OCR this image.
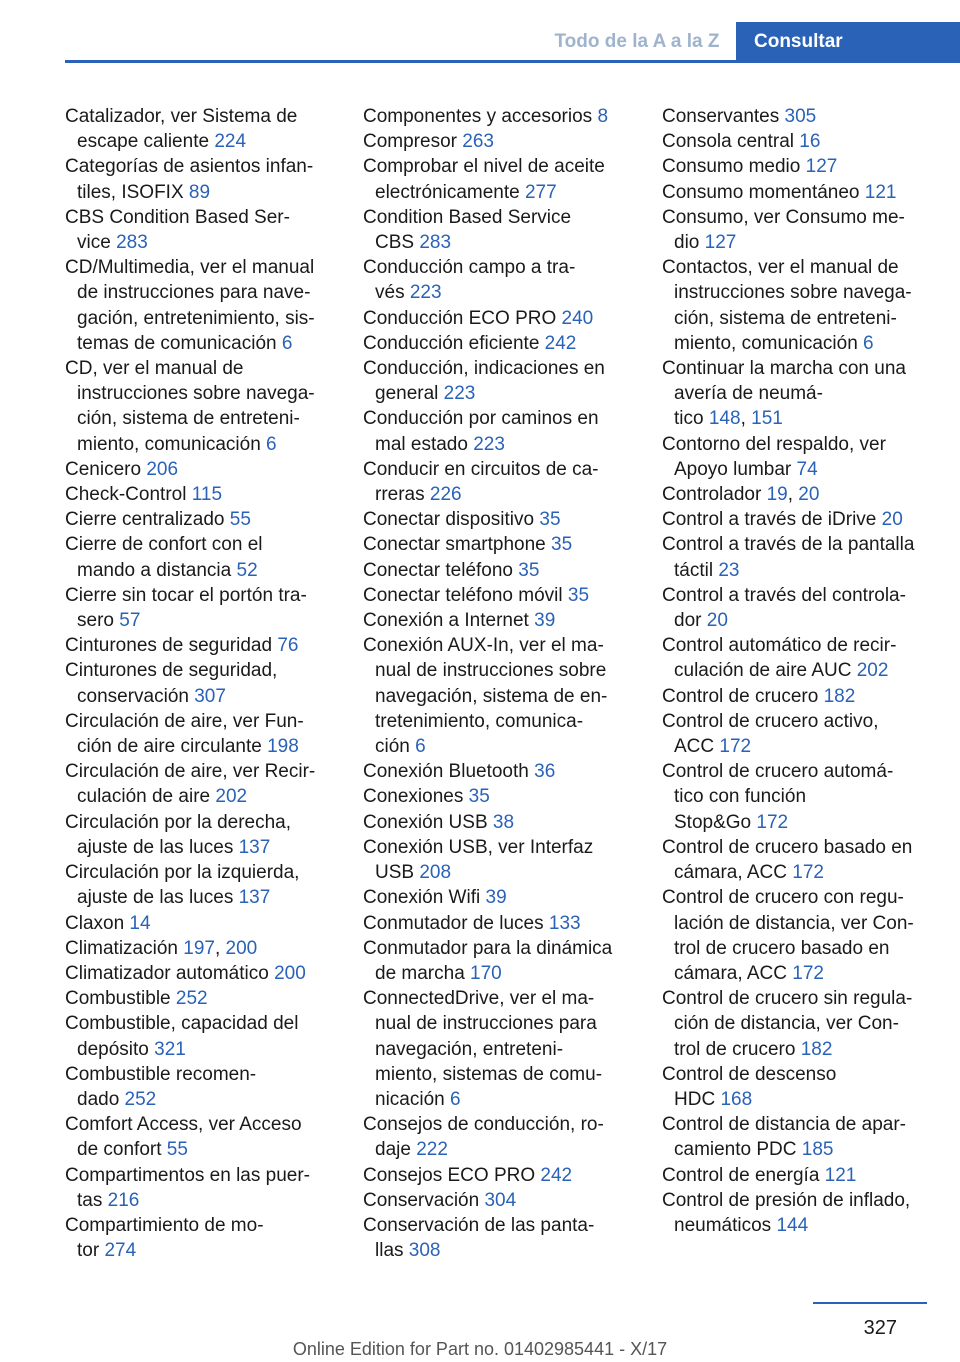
Todo de la A a la Z	Consultar
Catalizador, ver Sistema de
escape caliente 224
Categorías de asientos infan-
tiles, ISOFIX 89
CBS Condition Based Ser-
vice 283
CD/Multimedia, ver el manual
de instrucciones para nave-
gación, entretenimiento, sis-
temas de comunicación 6
CD, ver el manual de
instrucciones sobre navega-
ción, sistema de entreteni-
miento, comunicación 6
Cenicero 206
Check-Control 115
Cierre centralizado 55
Cierre de confort con el
mando a distancia 52
Cierre sin tocar el portón tra-
sero 57
Cinturones de seguridad 76
Cinturones de seguridad,
conservación 307
Circulación de aire, ver Fun-
ción de aire circulante 198
Circulación de aire, ver Recir-
culación de aire 202
Circulación por la derecha,
ajuste de las luces 137
Circulación por la izquierda,
ajuste de las luces 137
Claxon 14
Climatización 197, 200
Climatizador automático 200
Combustible 252
Combustible, capacidad del
depósito 321
Combustible recomen-
dado 252
Comfort Access, ver Acceso
de confort 55
Compartimentos en las puer-
tas 216
Compartimiento de mo-
tor 274
Componentes y accesorios 8
Compresor 263
Comprobar el nivel de aceite
electrónicamente 277
Condition Based Service
CBS 283
Conducción campo a tra-
vés 223
Conducción ECO PRO 240
Conducción eficiente 242
Conducción, indicaciones en
general 223
Conducción por caminos en
mal estado 223
Conducir en circuitos de ca-
rreras 226
Conectar dispositivo 35
Conectar smartphone 35
Conectar teléfono 35
Conectar teléfono móvil 35
Conexión a Internet 39
Conexión AUX-In, ver el ma-
nual de instrucciones sobre
navegación, sistema de en-
tretenimiento, comunica-
ción 6
Conexión Bluetooth 36
Conexiones 35
Conexión USB 38
Conexión USB, ver Interfaz
USB 208
Conexión Wifi 39
Conmutador de luces 133
Conmutador para la dinámica
de marcha 170
ConnectedDrive, ver el ma-
nual de instrucciones para
navegación, entreteni-
miento, sistemas de comu-
nicación 6
Consejos de conducción, ro-
daje 222
Consejos ECO PRO 242
Conservación 304
Conservación de las panta-
llas 308
Conservantes 305
Consola central 16
Consumo medio 127
Consumo momentáneo 121
Consumo, ver Consumo me-
dio 127
Contactos, ver el manual de
instrucciones sobre navega-
ción, sistema de entreteni-
miento, comunicación 6
Continuar la marcha con una
avería de neumá-
tico 148, 151
Contorno del respaldo, ver
Apoyo lumbar 74
Controlador 19, 20
Control a través de iDrive 20
Control a través de la pantalla
táctil 23
Control a través del controla-
dor 20
Control automático de recir-
culación de aire AUC 202
Control de crucero 182
Control de crucero activo,
ACC 172
Control de crucero automá-
tico con función
Stop&Go 172
Control de crucero basado en
cámara, ACC 172
Control de crucero con regu-
lación de distancia, ver Con-
trol de crucero basado en
cámara, ACC 172
Control de crucero sin regula-
ción de distancia, ver Con-
trol de crucero 182
Control de descenso
HDC 168
Control de distancia de apar-
camiento PDC 185
Control de energía 121
Control de presión de inflado,
neumáticos 144
327
Online Edition for Part no. 01402985441 - X/17
